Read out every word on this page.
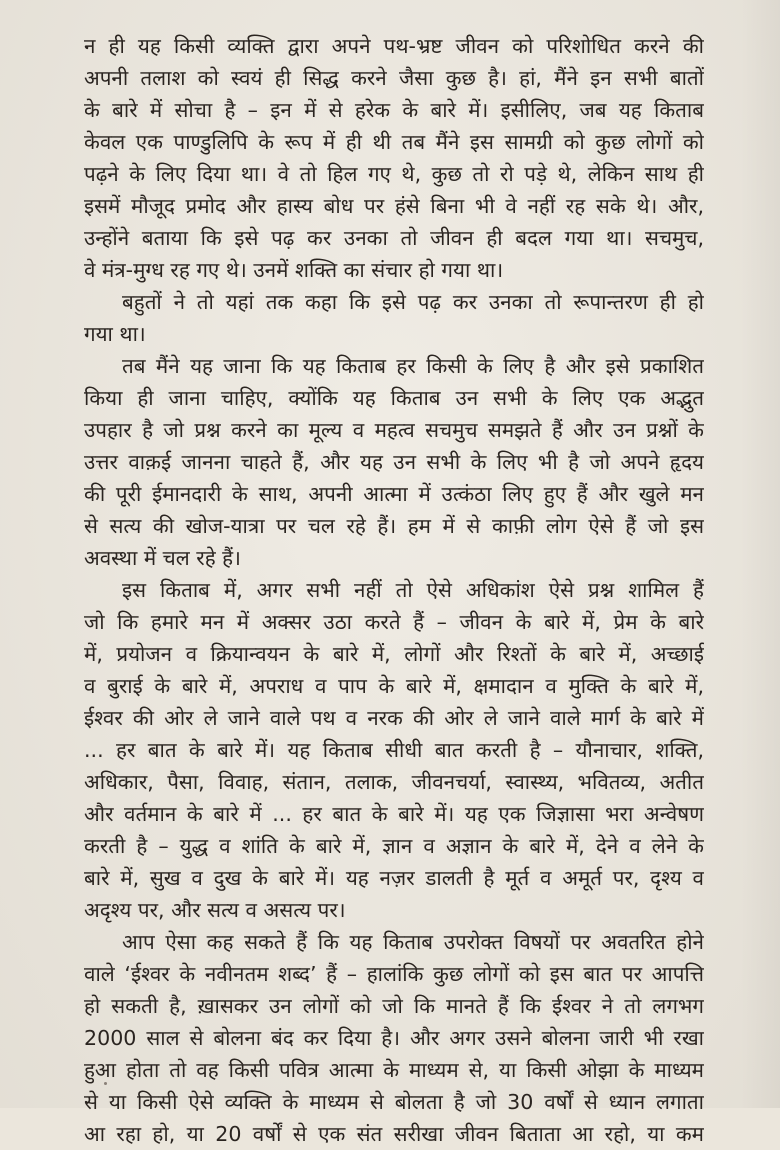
न ही यह किसी व्यक्ति द्वारा अपने पथ-भ्रष्ट जीवन को परिशोधित करने की
अपनी तलाश को स्वयं ही सिद्ध करने जैसा कुछ है। हां, मैंने इन सभी बातों
के बारे में सोचा है – इन में से हरेक के बारे में। इसीलिए, जब यह किताब
केवल एक पाण्डुलिपि के रूप में ही थी तब मैंने इस सामग्री को कुछ लोगों को
पढ़ने के लिए दिया था। वे तो हिल गए थे, कुछ तो रो पड़े थे, लेकिन साथ ही
इसमें मौजूद प्रमोद और हास्य बोध पर हंसे बिना भी वे नहीं रह सके थे। और,
उन्होंने बताया कि इसे पढ़ कर उनका तो जीवन ही बदल गया था। सचमुच,
वे मंत्र-मुग्ध रह गए थे। उनमें शक्ति का संचार हो गया था।
बहुतों ने तो यहां तक कहा कि इसे पढ़ कर उनका तो रूपान्तरण ही हो
गया था।
तब मैंने यह जाना कि यह किताब हर किसी के लिए है और इसे प्रकाशित
किया ही जाना चाहिए, क्योंकि यह किताब उन सभी के लिए एक अद्भुत
उपहार है जो प्रश्न करने का मूल्य व महत्व सचमुच समझते हैं और उन प्रश्नों के
उत्तर वाक़ई जानना चाहते हैं, और यह उन सभी के लिए भी है जो अपने हृदय
की पूरी ईमानदारी के साथ, अपनी आत्मा में उत्कंठा लिए हुए हैं और खुले मन
से सत्य की खोज-यात्रा पर चल रहे हैं। हम में से काफ़ी लोग ऐसे हैं जो इस
अवस्था में चल रहे हैं।
इस किताब में, अगर सभी नहीं तो ऐसे अधिकांश ऐसे प्रश्न शामिल हैं
जो कि हमारे मन में अक्सर उठा करते हैं – जीवन के बारे में, प्रेम के बारे
में, प्रयोजन व क्रियान्वयन के बारे में, लोगों और रिश्तों के बारे में, अच्छाई
व बुराई के बारे में, अपराध व पाप के बारे में, क्षमादान व मुक्ति के बारे में,
ईश्वर की ओर ले जाने वाले पथ व नरक की ओर ले जाने वाले मार्ग के बारे में
... हर बात के बारे में। यह किताब सीधी बात करती है – यौनाचार, शक्ति,
अधिकार, पैसा, विवाह, संतान, तलाक, जीवनचर्या, स्वास्थ्य, भवितव्य, अतीत
और वर्तमान के बारे में ... हर बात के बारे में। यह एक जिज्ञासा भरा अन्वेषण
करती है – युद्ध व शांति के बारे में, ज्ञान व अज्ञान के बारे में, देने व लेने के
बारे में, सुख व दुख के बारे में। यह नज़र डालती है मूर्त व अमूर्त पर, दृश्य व
अदृश्य पर, और सत्य व असत्य पर।
आप ऐसा कह सकते हैं कि यह किताब उपरोक्त विषयों पर अवतरित होने
वाले ‘ईश्वर के नवीनतम शब्द’ हैं – हालांकि कुछ लोगों को इस बात पर आपत्ति
हो सकती है, ख़ासकर उन लोगों को जो कि मानते हैं कि ईश्वर ने तो लगभग
2000 साल से बोलना बंद कर दिया है। और अगर उसने बोलना जारी भी रखा
हुआ होता तो वह किसी पवित्र आत्मा के माध्यम से, या किसी ओझा के माध्यम
से या किसी ऐसे व्यक्ति के माध्यम से बोलता है जो 30 वर्षों से ध्यान लगाता
आ रहा हो, या 20 वर्षों से एक संत सरीखा जीवन बिताता आ रहो, या कम
